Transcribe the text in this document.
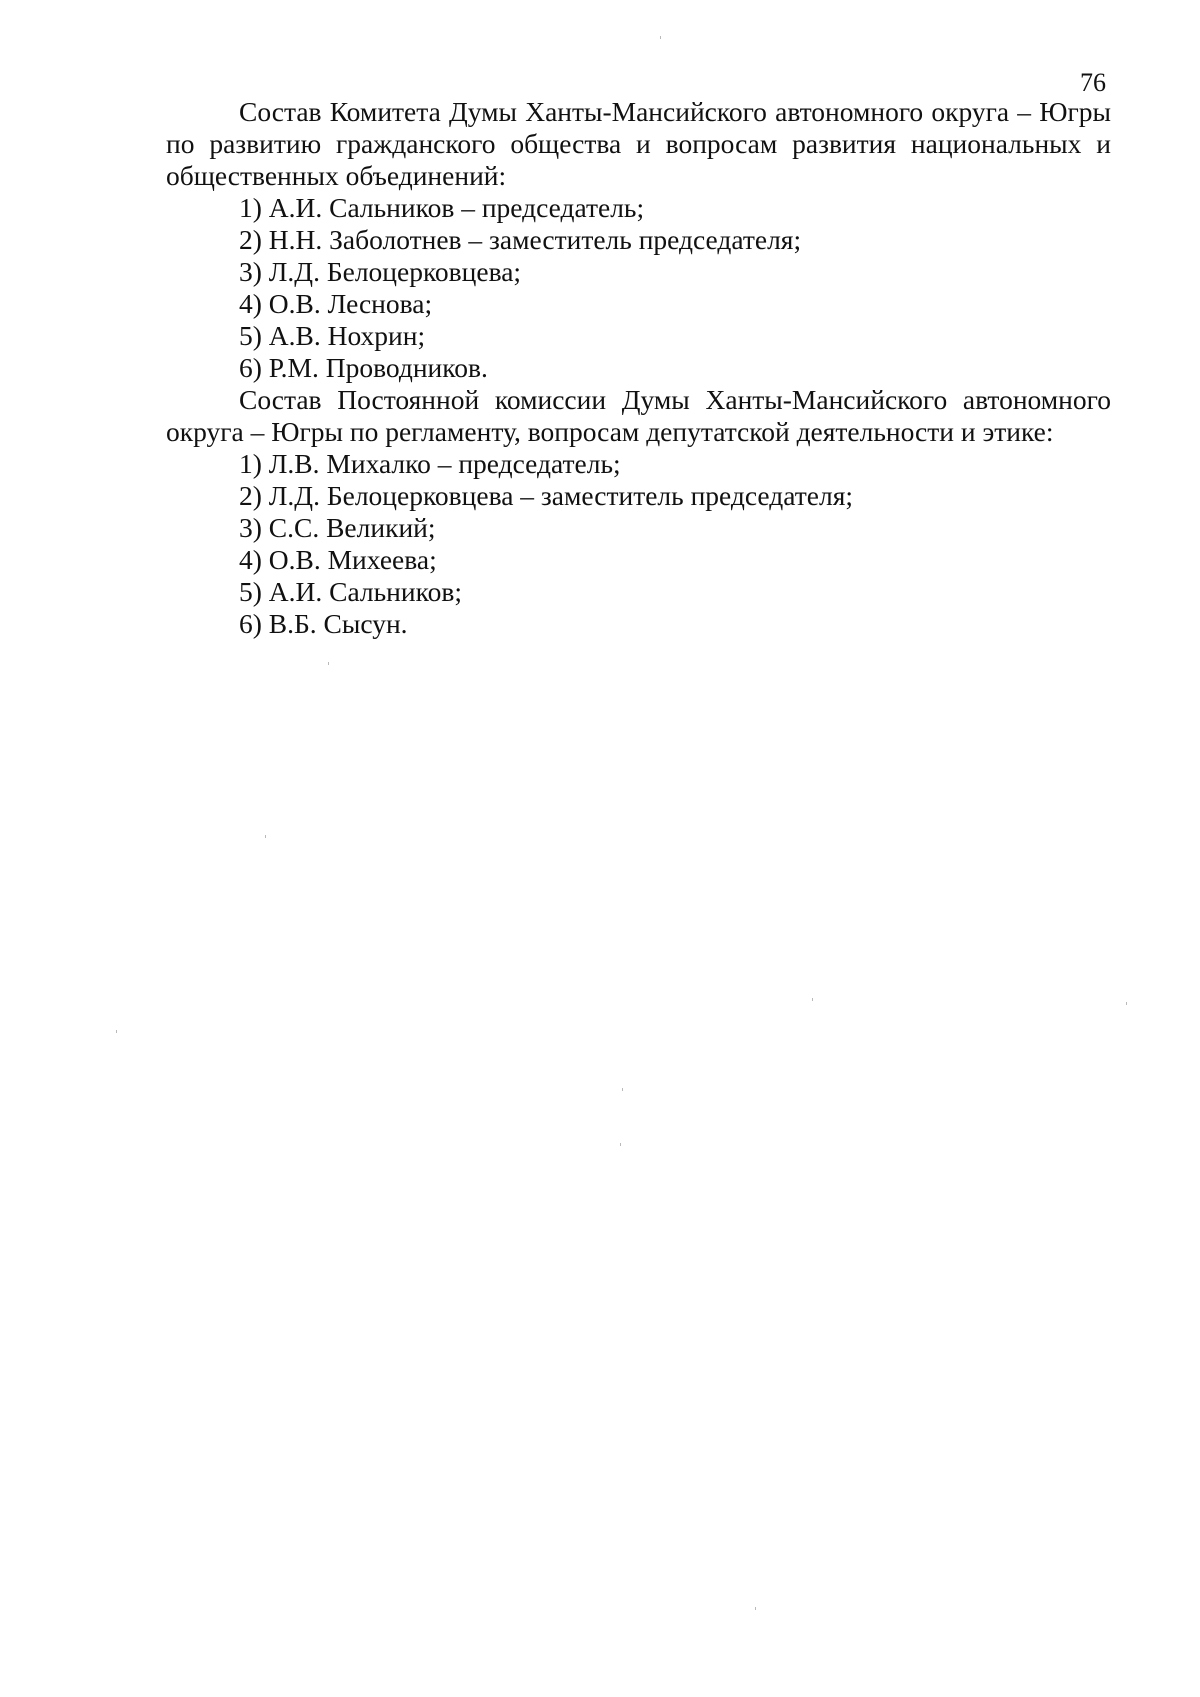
76

Состав Комитета Думы Ханты-Мансийского автономного округа – Югры по развитию гражданского общества и вопросам развития национальных и общественных объединений:

1) А.И. Сальников – председатель;
2) Н.Н. Заболотнев – заместитель председателя;
3) Л.Д. Белоцерковцева;
4) О.В. Леснова;
5) А.В. Нохрин;
6) Р.М. Проводников.

Состав Постоянной комиссии Думы Ханты-Мансийского автономного округа – Югры по регламенту, вопросам депутатской деятельности и этике:

1) Л.В. Михалко – председатель;
2) Л.Д. Белоцерковцева – заместитель председателя;
3) С.С. Великий;
4) О.В. Михеева;
5) А.И. Сальников;
6) В.Б. Сысун.
